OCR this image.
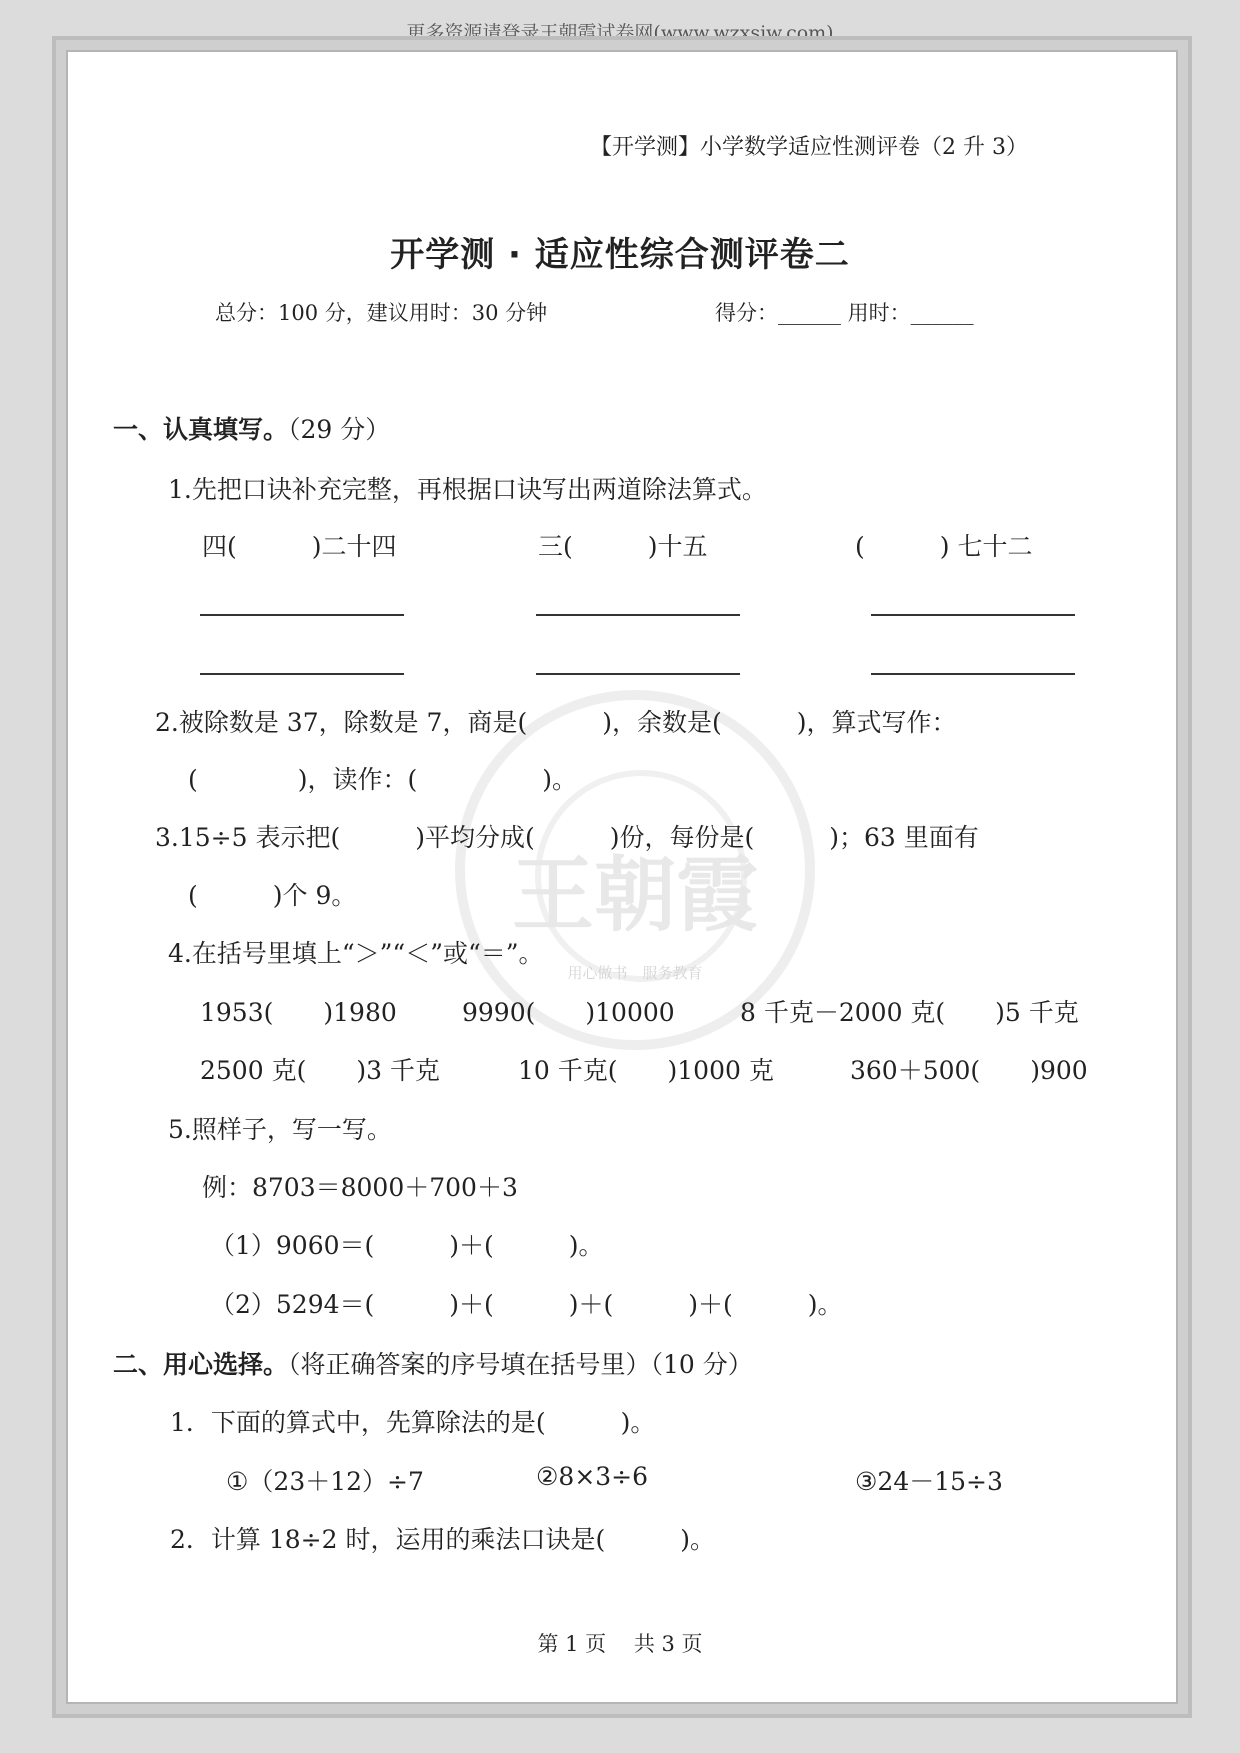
更多资源请登录王朝霞试卷网(www.wzxsjw.com)
王朝霞
用心做书　服务教育
【开学测】小学数学适应性测评卷（2 升 3）
开学测 · 适应性综合测评卷二
总分：100 分，建议用时：30 分钟	得分：______ 用时：______
一、认真填写。（29 分）
1.先把口诀补充完整，再根据口诀写出两道除法算式。
四(　　　)二十四	三(　　　)十五	(　　　) 七十二
2.被除数是 37，除数是 7，商是(　　　)，余数是(　　　)，算式写作：
(　　　　)，读作：(　　　　　)。
3.15÷5 表示把(　　　)平均分成(　　　)份，每份是(　　　)；63 里面有
(　　　)个 9。
4.在括号里填上“＞”“＜”或“＝”。
1953(　　)1980	9990(　　)10000	8 千克－2000 克(　　)5 千克
2500 克(　　)3 千克	10 千克(　　)1000 克	360＋500(　　)900
5.照样子，写一写。
例：8703＝8000＋700＋3
（1）9060＝(　　　)＋(　　　)。
（2）5294＝(　　　)＋(　　　)＋(　　　)＋(　　　)。
二、用心选择。（将正确答案的序号填在括号里）（10 分）
1．下面的算式中，先算除法的是(　　　)。
①（23＋12）÷7	②8×3÷6	③24－15÷3
2．计算 18÷2 时，运用的乘法口诀是(　　　)。
第 1 页　 共 3 页
